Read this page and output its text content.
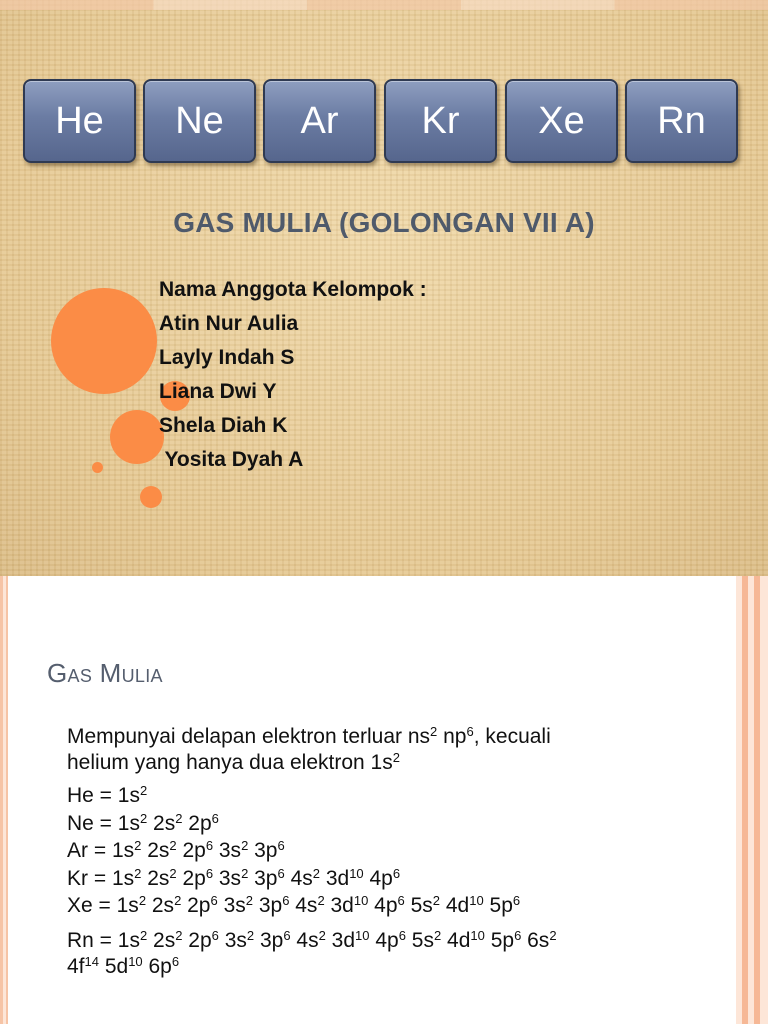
He	Ne	Ar	Kr	Xe	Rn
GAS MULIA (GOLONGAN VII A)
Nama Anggota Kelompok :
Atin Nur Aulia
Layly Indah S
Liana Dwi Y
Shela Diah K
Yosita Dyah A
Gas Mulia

Mempunyai delapan elektron terluar $ns^2$ $np^6$, kecuali

helium yang hanya dua elektron $1s^2$

$He = 1s^2$

$Ne = 1s^2$ $2s^2$ $2p^6$

$Ar = 1s^2$ $2s^2$ $2p^6$ $3s^2$ $3p^6$

$Kr = 1s^2$ $2s^2$ $2p^6$ $3s^2$ $3p^6$ $4s^2$ $3d^{10}$ $4p^6$

$Xe = 1s^2$ $2s^2$ $2p^6$ $3s^2$ $3p^6$ $4s^2$ $3d^{10}$ $4p^6$ $5s^2$ $4d^{10}$ $5p^6$

$Rn = 1s^2$ $2s^2$ $2p^6$ $3s^2$ $3p^6$ $4s^2$ $3d^{10}$ $4p^6$ $5s^2$ $4d^{10}$ $5p^6$ $6s^2$

$4f^{14}$ $5d^{10}$ $6p^6$
